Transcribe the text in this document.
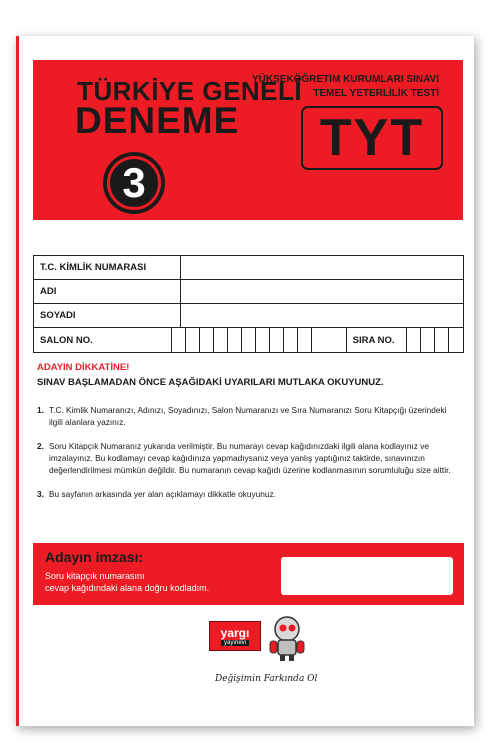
TÜRKİYE GENELİ
DENEME
3
YÜKSEKÖĞRETİM KURUMLARI SINAVI
TEMEL YETERLİLİK TESTİ
TYT
T.C. KİMLİK NUMARASI
ADI
SOYADI
SALON NO.	SIRA NO.
ADAYIN DİKKATİNE!
SINAV BAŞLAMADAN ÖNCE AŞAĞIDAKİ UYARILARI MUTLAKA OKUYUNUZ.
1. T.C. Kimlik Numaranızı, Adınızı, Soyadınızı, Salon Numaranızı ve Sıra Numaranızı Soru Kitapçığı üzerindeki ilgili alanlara yazınız.
2. Soru Kitapçık Numaranız yukarıda verilmiştir. Bu numarayı cevap kağıdınızdaki ilgili alana kodlayınız ve imzalayınız. Bu kodlamayı cevap kağıdınıza yapmadıysanız veya yanlış yaptığınız taktirde, sınavınızın değerlendirilmesi mümkün değildir. Bu numaranın cevap kağıdı üzerine kodlanmasının sorumluluğu size aittir.
3. Bu sayfanın arkasında yer alan açıklamayı dikkatle okuyunuz.
Adayın imzası:
Soru kitapçık numarasını
cevap kağıdındaki alana doğru kodladım.
yargı
yayınevi
Değişimin Farkında Ol
